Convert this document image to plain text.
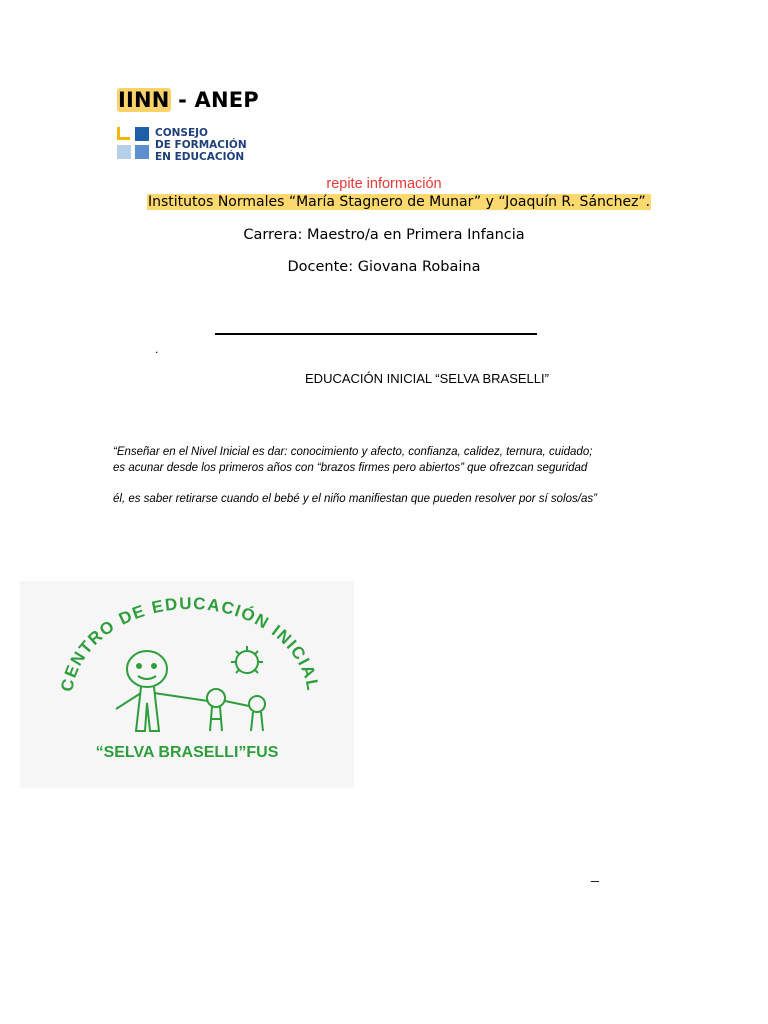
IINN - ANEP
CONSEJO
DE FORMACIÓN
EN EDUCACIÓN
repite información
Institutos Normales “María Stagnero de Munar” y “Joaquín R. Sánchez”.
Carrera: Maestro/a en Primera Infancia
Docente: Giovana Robaina
.
EDUCACIÓN INICIAL “SELVA BRASELLI”
“Enseñar en el Nivel Inicial es dar: conocimiento y afecto, confianza, calidez, ternura, cuidado;
es acunar desde los primeros años con “brazos firmes pero abiertos” que ofrezcan seguridad
él, es saber retirarse cuando el bebé y el niño manifiestan que pueden resolver por sí solos/as”
CENTRO DE EDUCACIÓN INICIAL
“SELVA BRASELLI”FUS
_
